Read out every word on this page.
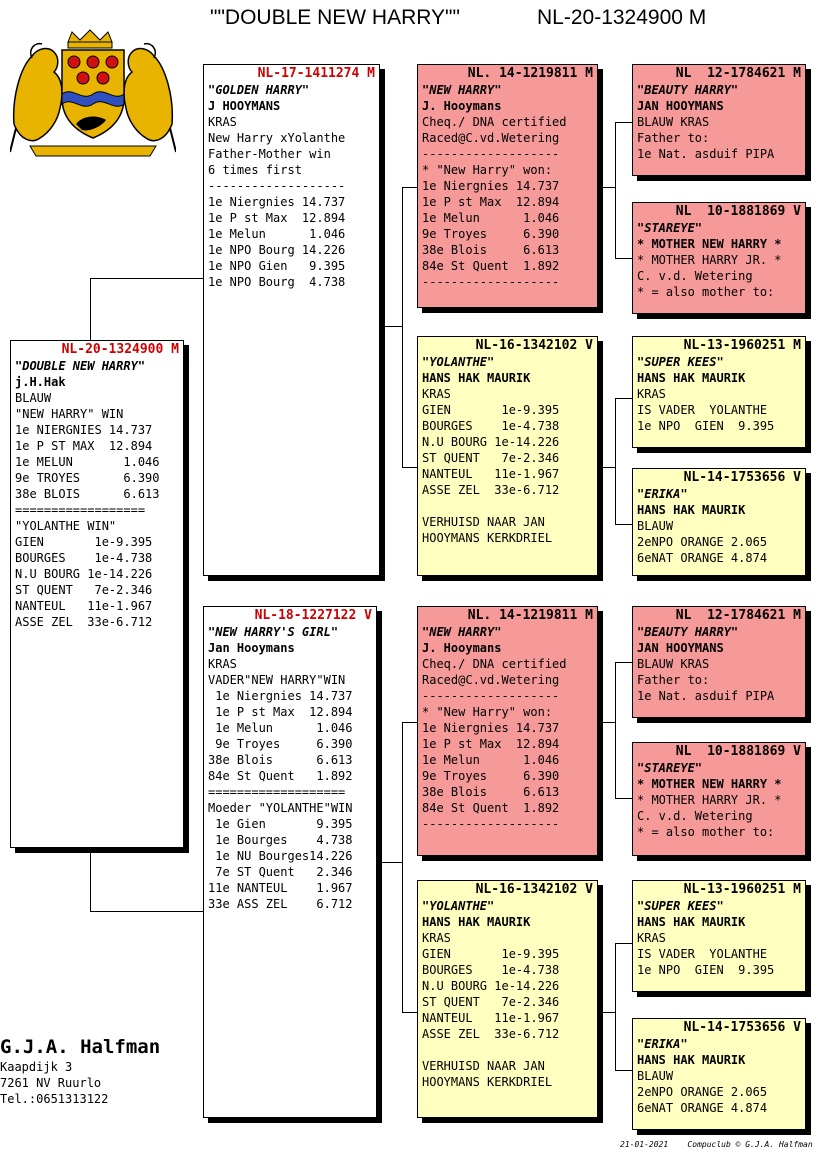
""DOUBLE NEW HARRY""	NL-20-1324900 M
NL-20-1324900 M
"DOUBLE NEW HARRY"
j.H.Hak
BLAUW
"NEW HARRY" WIN
1e NIERGNIES 14.737
1e P ST MAX  12.894
1e MELUN       1.046
9e TROYES      6.390
38e BLOIS      6.613
==================
"YOLANTHE WIN"
GIEN       1e-9.395
BOURGES    1e-4.738
N.U BOURG 1e-14.226
ST QUENT   7e-2.346
NANTEUL   11e-1.967
ASSE ZEL  33e-6.712
NL-17-1411274 M
"GOLDEN HARRY"
J HOOYMANS
KRAS
New Harry xYolanthe
Father-Mother win
6 times first
-------------------
1e Niergnies 14.737
1e P st Max  12.894
1e Melun      1.046
1e NPO Bourg 14.226
1e NPO Gien   9.395
1e NPO Bourg  4.738
NL-18-1227122 V
"NEW HARRY'S GIRL"
Jan Hooymans
KRAS
VADER"NEW HARRY"WIN
1e Niergnies 14.737
1e P st Max  12.894
1e Melun      1.046
9e Troyes     6.390
38e Blois      6.613
84e St Quent   1.892
===================
Moeder "YOLANTHE"WIN
1e Gien       9.395
1e Bourges    4.738
1e NU Bourges14.226
7e ST Quent   2.346
11e NANTEUL    1.967
33e ASS ZEL    6.712
NL. 14-1219811 M
"NEW HARRY"
J. Hooymans
Cheq./ DNA certified
Raced@C.vd.Wetering
-------------------
* "New Harry" won:
1e Niergnies 14.737
1e P st Max  12.894
1e Melun      1.046
9e Troyes     6.390
38e Blois     6.613
84e St Quent  1.892
-------------------
NL-16-1342102 V
"YOLANTHE"
HANS HAK MAURIK
KRAS
GIEN       1e-9.395
BOURGES    1e-4.738
N.U BOURG 1e-14.226
ST QUENT   7e-2.346
NANTEUL   11e-1.967
ASSE ZEL  33e-6.712
VERHUISD NAAR JAN
HOOYMANS KERKDRIEL
NL. 14-1219811 M
"NEW HARRY"
J. Hooymans
Cheq./ DNA certified
Raced@C.vd.Wetering
-------------------
* "New Harry" won:
1e Niergnies 14.737
1e P st Max  12.894
1e Melun      1.046
9e Troyes     6.390
38e Blois     6.613
84e St Quent  1.892
-------------------
NL-16-1342102 V
"YOLANTHE"
HANS HAK MAURIK
KRAS
GIEN       1e-9.395
BOURGES    1e-4.738
N.U BOURG 1e-14.226
ST QUENT   7e-2.346
NANTEUL   11e-1.967
ASSE ZEL  33e-6.712
VERHUISD NAAR JAN
HOOYMANS KERKDRIEL
NL  12-1784621 M
"BEAUTY HARRY"
JAN HOOYMANS
BLAUW KRAS
Father to:
1e Nat. asduif PIPA
NL  10-1881869 V
"STAREYE"
* MOTHER NEW HARRY *
* MOTHER HARRY JR. *
C. v.d. Wetering
* = also mother to:
NL-13-1960251 M
"SUPER KEES"
HANS HAK MAURIK
KRAS
IS VADER  YOLANTHE
1e NPO  GIEN  9.395
NL-14-1753656 V
"ERIKA"
HANS HAK MAURIK
BLAUW
2eNPO ORANGE 2.065
6eNAT ORANGE 4.874
NL  12-1784621 M
"BEAUTY HARRY"
JAN HOOYMANS
BLAUW KRAS
Father to:
1e Nat. asduif PIPA
NL  10-1881869 V
"STAREYE"
* MOTHER NEW HARRY *
* MOTHER HARRY JR. *
C. v.d. Wetering
* = also mother to:
NL-13-1960251 M
"SUPER KEES"
HANS HAK MAURIK
KRAS
IS VADER  YOLANTHE
1e NPO  GIEN  9.395
NL-14-1753656 V
"ERIKA"
HANS HAK MAURIK
BLAUW
2eNPO ORANGE 2.065
6eNAT ORANGE 4.874
G.J.A. Halfman
Kaapdijk 3
7261 NV Ruurlo
Tel.:0651313122
21-01-2021    Compuclub © G.J.A. Halfman
